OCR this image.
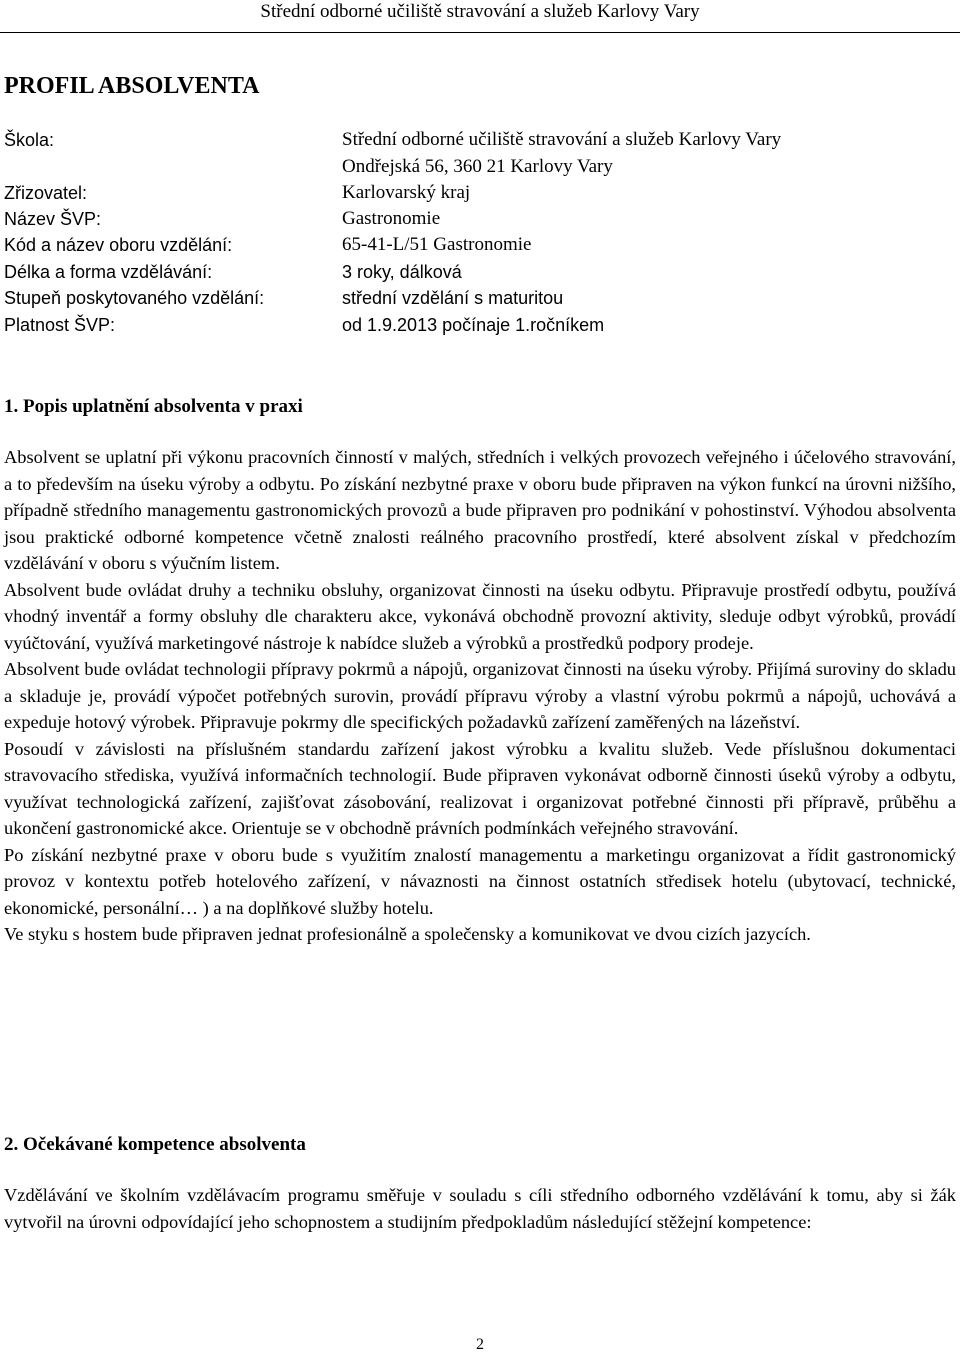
Střední odborné učiliště stravování a služeb Karlovy Vary
PROFIL ABSOLVENTA
Škola:	Střední odborné učiliště stravování a služeb Karlovy Vary
Ondřejská 56, 360 21 Karlovy Vary
Zřizovatel:	Karlovarský kraj
Název ŠVP:	Gastronomie
Kód a název oboru vzdělání:	65-41-L/51 Gastronomie
Délka a forma vzdělávání:	3 roky, dálková
Stupeň poskytovaného vzdělání:	střední vzdělání s maturitou
Platnost ŠVP:	od 1.9.2013 počínaje 1.ročníkem
1. Popis uplatnění absolventa v praxi

Absolvent se uplatní při výkonu pracovních činností v malých, středních i velkých provozech veřejného i účelového stravování, a to především na úseku výroby a odbytu. Po získání nezbytné praxe v oboru bude připraven na výkon funkcí na úrovni nižšího, případně středního managementu gastronomických provozů a bude připraven pro podnikání v pohostinství. Výhodou absolventa jsou praktické odborné kompetence včetně znalosti reálného pracovního prostředí, které absolvent získal v předchozím vzdělávání v oboru s výučním listem.

Absolvent bude ovládat druhy a techniku obsluhy, organizovat činnosti na úseku odbytu. Připravuje prostředí odbytu, používá vhodný inventář a formy obsluhy dle charakteru akce, vykonává obchodně provozní aktivity, sleduje odbyt výrobků, provádí vyúčtování, využívá marketingové nástroje k nabídce služeb a výrobků a prostředků podpory prodeje.

Absolvent bude ovládat technologii přípravy pokrmů a nápojů, organizovat činnosti na úseku výroby. Přijímá suroviny do skladu a skladuje je, provádí výpočet potřebných surovin, provádí přípravu výroby a vlastní výrobu pokrmů a nápojů, uchovává a expeduje hotový výrobek. Připravuje pokrmy dle specifických požadavků zařízení zaměřených na lázeňství.

Posoudí v závislosti na příslušném standardu zařízení jakost výrobku a kvalitu služeb. Vede příslušnou dokumentaci stravovacího střediska, využívá informačních technologií. Bude připraven vykonávat odborně činnosti úseků výroby a odbytu, využívat technologická zařízení, zajišťovat zásobování, realizovat i organizovat potřebné činnosti při přípravě, průběhu a ukončení gastronomické akce. Orientuje se v obchodně právních podmínkách veřejného stravování.

Po získání nezbytné praxe v oboru bude s využitím znalostí managementu a marketingu organizovat a řídit gastronomický provoz v kontextu potřeb hotelového zařízení, v návaznosti na činnost ostatních středisek hotelu (ubytovací, technické, ekonomické, personální… ) a na doplňkové služby hotelu.

Ve styku s hostem bude připraven jednat profesionálně a společensky a komunikovat ve dvou cizích jazycích.

2. Očekávané kompetence absolventa

Vzdělávání ve školním vzdělávacím programu směřuje v souladu s cíli středního odborného vzdělávání k tomu, aby si žák vytvořil na úrovni odpovídající jeho schopnostem a studijním předpokladům následující stěžejní kompetence:

2
